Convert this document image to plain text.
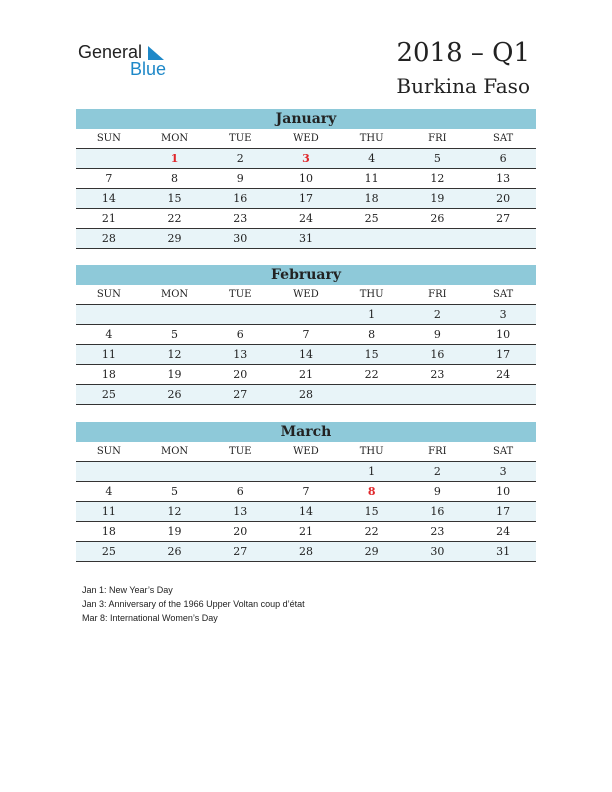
General
Blue
2018 – Q1
Burkina Faso
January
SUN	MON	TUE	WED	THU	FRI	SAT
	1	2	3	4	5	6
7	8	9	10	11	12	13
14	15	16	17	18	19	20
21	22	23	24	25	26	27
28	29	30	31			
February
SUN	MON	TUE	WED	THU	FRI	SAT
				1	2	3
4	5	6	7	8	9	10
11	12	13	14	15	16	17
18	19	20	21	22	23	24
25	26	27	28			
March
SUN	MON	TUE	WED	THU	FRI	SAT
				1	2	3
4	5	6	7	8	9	10
11	12	13	14	15	16	17
18	19	20	21	22	23	24
25	26	27	28	29	30	31
Jan 1: New Year’s Day
Jan 3: Anniversary of the 1966 Upper Voltan coup d’état
Mar 8: International Women’s Day
